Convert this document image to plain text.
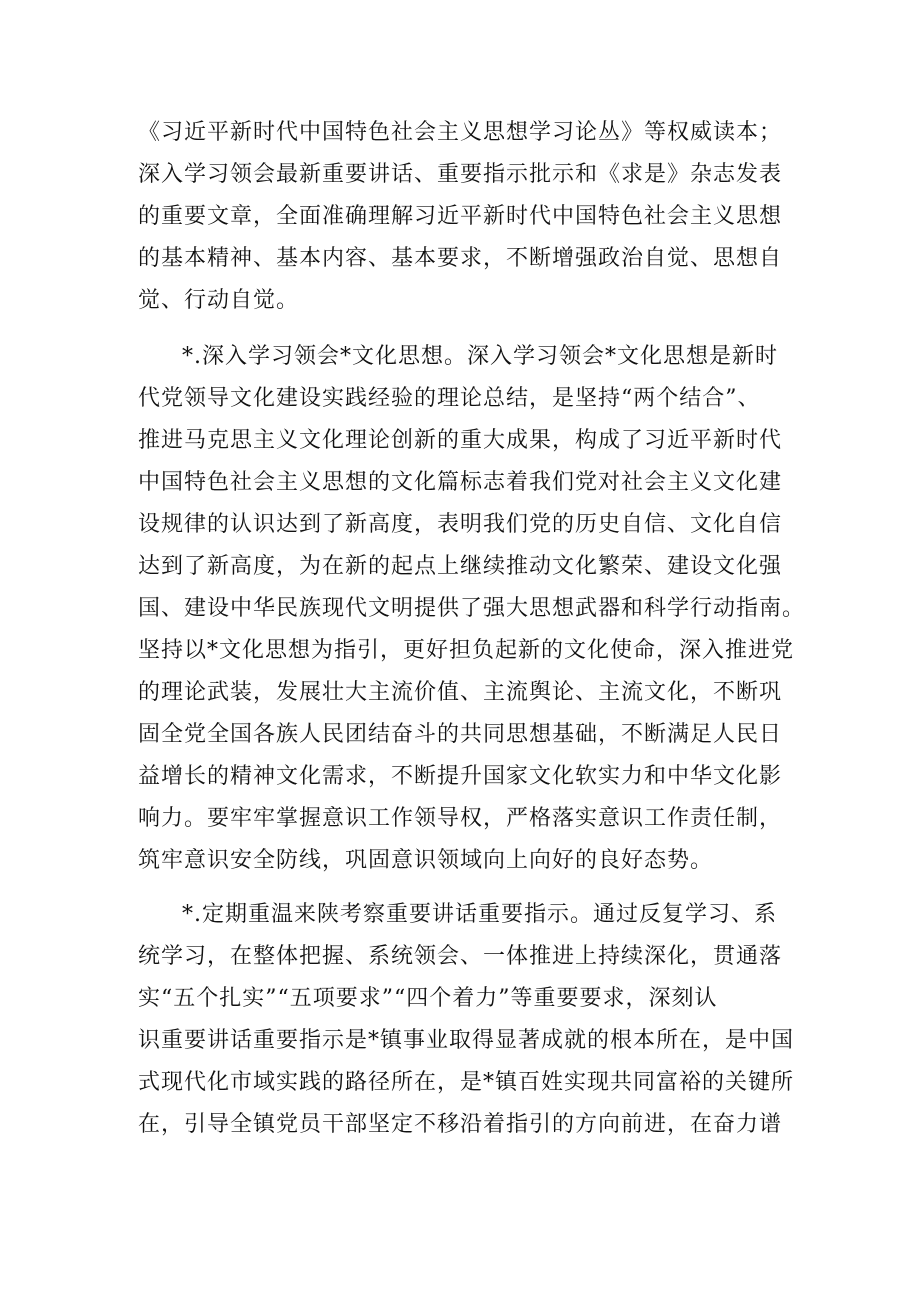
《习近平新时代中国特色社会主义思想学习论丛》等权威读本；
深入学习领会最新重要讲话、重要指示批示和《求是》杂志发表
的重要文章，全面准确理解习近平新时代中国特色社会主义思想
的基本精神、基本内容、基本要求，不断增强政治自觉、思想自
觉、行动自觉。
*.深入学习领会*文化思想。深入学习领会*文化思想是新时
代党领导文化建设实践经验的理论总结，是坚持“两个结合”、
推进马克思主义文化理论创新的重大成果，构成了习近平新时代
中国特色社会主义思想的文化篇标志着我们党对社会主义文化建
设规律的认识达到了新高度，表明我们党的历史自信、文化自信
达到了新高度，为在新的起点上继续推动文化繁荣、建设文化强
国、建设中华民族现代文明提供了强大思想武器和科学行动指南。
坚持以*文化思想为指引，更好担负起新的文化使命，深入推进党
的理论武装，发展壮大主流价值、主流舆论、主流文化，不断巩
固全党全国各族人民团结奋斗的共同思想基础，不断满足人民日
益增长的精神文化需求，不断提升国家文化软实力和中华文化影
响力。要牢牢掌握意识工作领导权，严格落实意识工作责任制，
筑牢意识安全防线，巩固意识领域向上向好的良好态势。
*.定期重温来陕考察重要讲话重要指示。通过反复学习、系
统学习，在整体把握、系统领会、一体推进上持续深化，贯通落
实“五个扎实”“五项要求”“四个着力”等重要要求，深刻认
识重要讲话重要指示是*镇事业取得显著成就的根本所在，是中国
式现代化市域实践的路径所在，是*镇百姓实现共同富裕的关键所
在，引导全镇党员干部坚定不移沿着指引的方向前进，在奋力谱
